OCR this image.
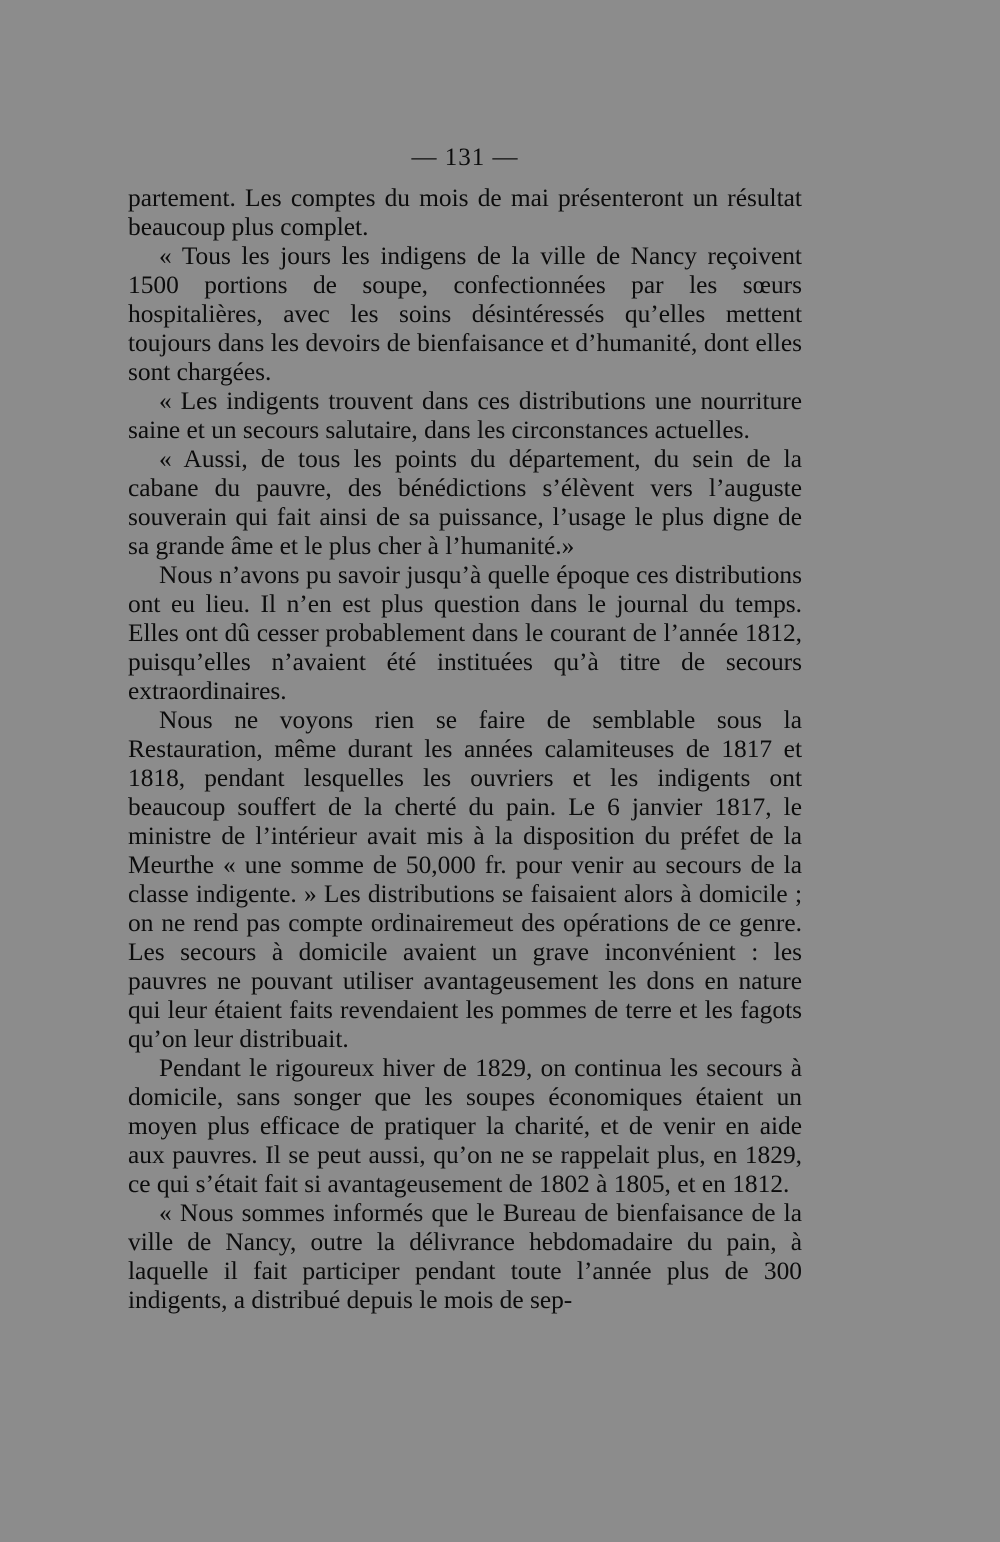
— 131 —

partement. Les comptes du mois de mai présenteront un résultat beaucoup plus complet.

« Tous les jours les indigens de la ville de Nancy reçoivent 1500 portions de soupe, confectionnées par les sœurs hospitalières, avec les soins désintéressés qu’elles mettent toujours dans les devoirs de bienfaisance et d’humanité, dont elles sont chargées.

« Les indigents trouvent dans ces distributions une nourriture saine et un secours salutaire, dans les circonstances actuelles.

« Aussi, de tous les points du département, du sein de la cabane du pauvre, des bénédictions s’élèvent vers l’auguste souverain qui fait ainsi de sa puissance, l’usage le plus digne de sa grande âme et le plus cher à l’humanité.»

Nous n’avons pu savoir jusqu’à quelle époque ces distributions ont eu lieu. Il n’en est plus question dans le journal du temps. Elles ont dû cesser probablement dans le courant de l’année 1812, puisqu’elles n’avaient été instituées qu’à titre de secours extraordinaires.

Nous ne voyons rien se faire de semblable sous la Restauration, même durant les années calamiteuses de 1817 et 1818, pendant lesquelles les ouvriers et les indigents ont beaucoup souffert de la cherté du pain. Le 6 janvier 1817, le ministre de l’intérieur avait mis à la disposition du préfet de la Meurthe « une somme de 50,000 fr. pour venir au secours de la classe indigente. » Les distributions se faisaient alors à domicile ; on ne rend pas compte ordinairemeut des opérations de ce genre. Les secours à domicile avaient un grave inconvénient : les pauvres ne pouvant utiliser avantageusement les dons en nature qui leur étaient faits revendaient les pommes de terre et les fagots qu’on leur distribuait.

Pendant le rigoureux hiver de 1829, on continua les secours à domicile, sans songer que les soupes économiques étaient un moyen plus efficace de pratiquer la charité, et de venir en aide aux pauvres. Il se peut aussi, qu’on ne se rappelait plus, en 1829, ce qui s’était fait si avantageusement de 1802 à 1805, et en 1812.

« Nous sommes informés que le Bureau de bienfaisance de la ville de Nancy, outre la délivrance hebdomadaire du pain, à laquelle il fait participer pendant toute l’année plus de 300 indigents, a distribué depuis le mois de sep-
